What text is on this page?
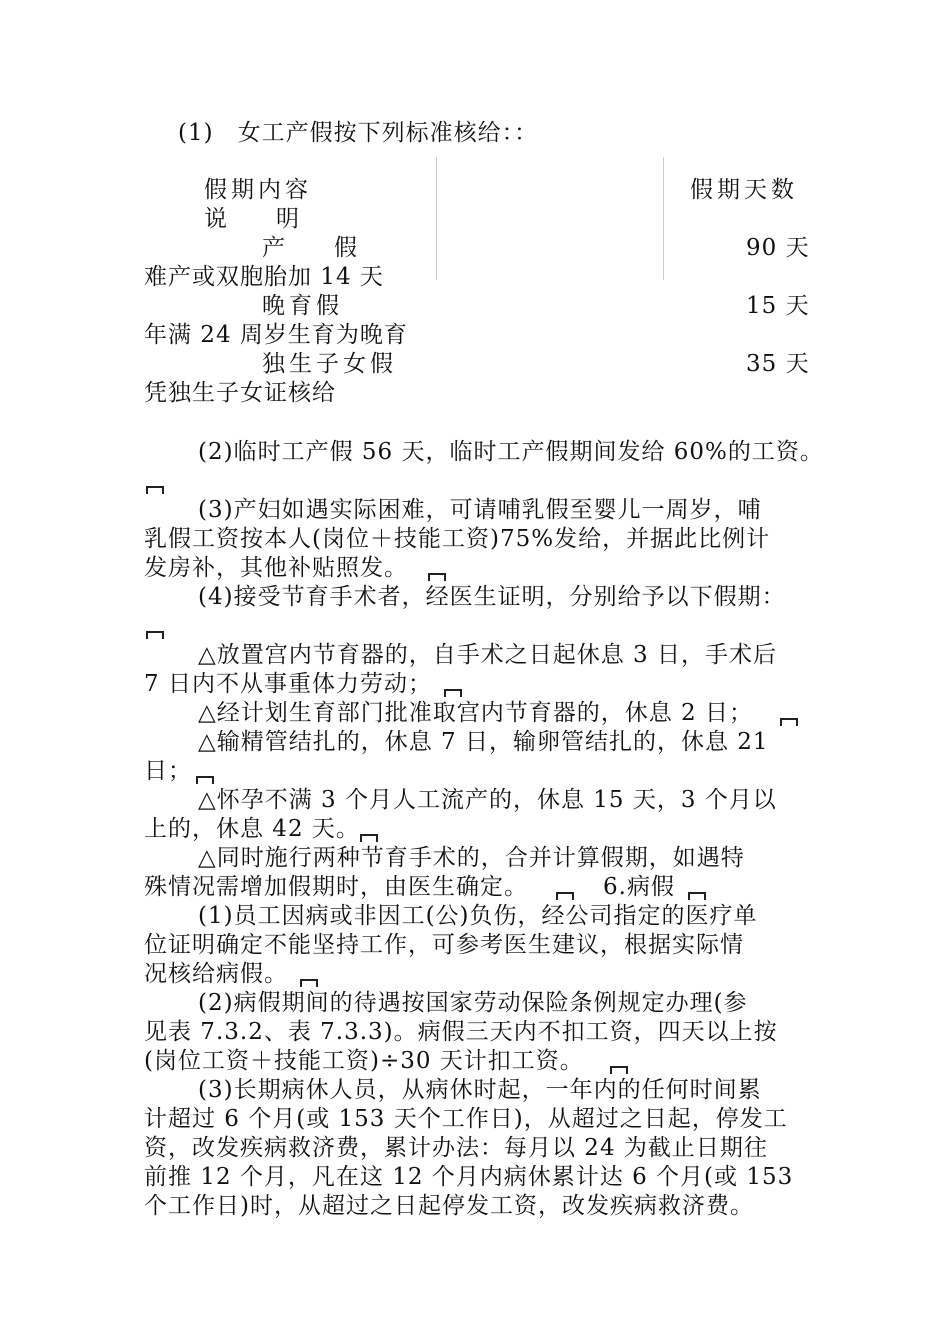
(1)　女工产假按下列标准核给：：
假期内容	假期天数
说　　明
产　　假	90 天
难产或双胞胎加 14 天
晚育假	15 天
年满 24 周岁生育为晚育
独生子女假	35 天
凭独生子女证核给
(2)临时工产假 56 天，临时工产假期间发给 60%的工资。
(3)产妇如遇实际困难，可请哺乳假至婴儿一周岁，哺
乳假工资按本人(岗位＋技能工资)75%发给，并据此比例计
发房补，其他补贴照发。
(4)接受节育手术者，经医生证明，分别给予以下假期：
△放置宫内节育器的，自手术之日起休息 3 日，手术后
7 日内不从事重体力劳动；
△经计划生育部门批准取宫内节育器的，休息 2 日；
△输精管结扎的，休息 7 日，输卵管结扎的，休息 21
日；
△怀孕不满 3 个月人工流产的，休息 15 天，3 个月以
上的，休息 42 天。
△同时施行两种节育手术的，合并计算假期，如遇特
殊情况需增加假期时，由医生确定。	6.病假
(1)员工因病或非因工(公)负伤，经公司指定的医疗单
位证明确定不能坚持工作，可参考医生建议，根据实际情
况核给病假。
(2)病假期间的待遇按国家劳动保险条例规定办理(参
见表 7.3.2、表 7.3.3)。病假三天内不扣工资，四天以上按
(岗位工资＋技能工资)÷30 天计扣工资。
(3)长期病休人员，从病休时起，一年内的任何时间累
计超过 6 个月(或 153 天个工作日)，从超过之日起，停发工
资，改发疾病救济费，累计办法：每月以 24 为截止日期往
前推 12 个月，凡在这 12 个月内病休累计达 6 个月(或 153
个工作日)时，从超过之日起停发工资，改发疾病救济费。
